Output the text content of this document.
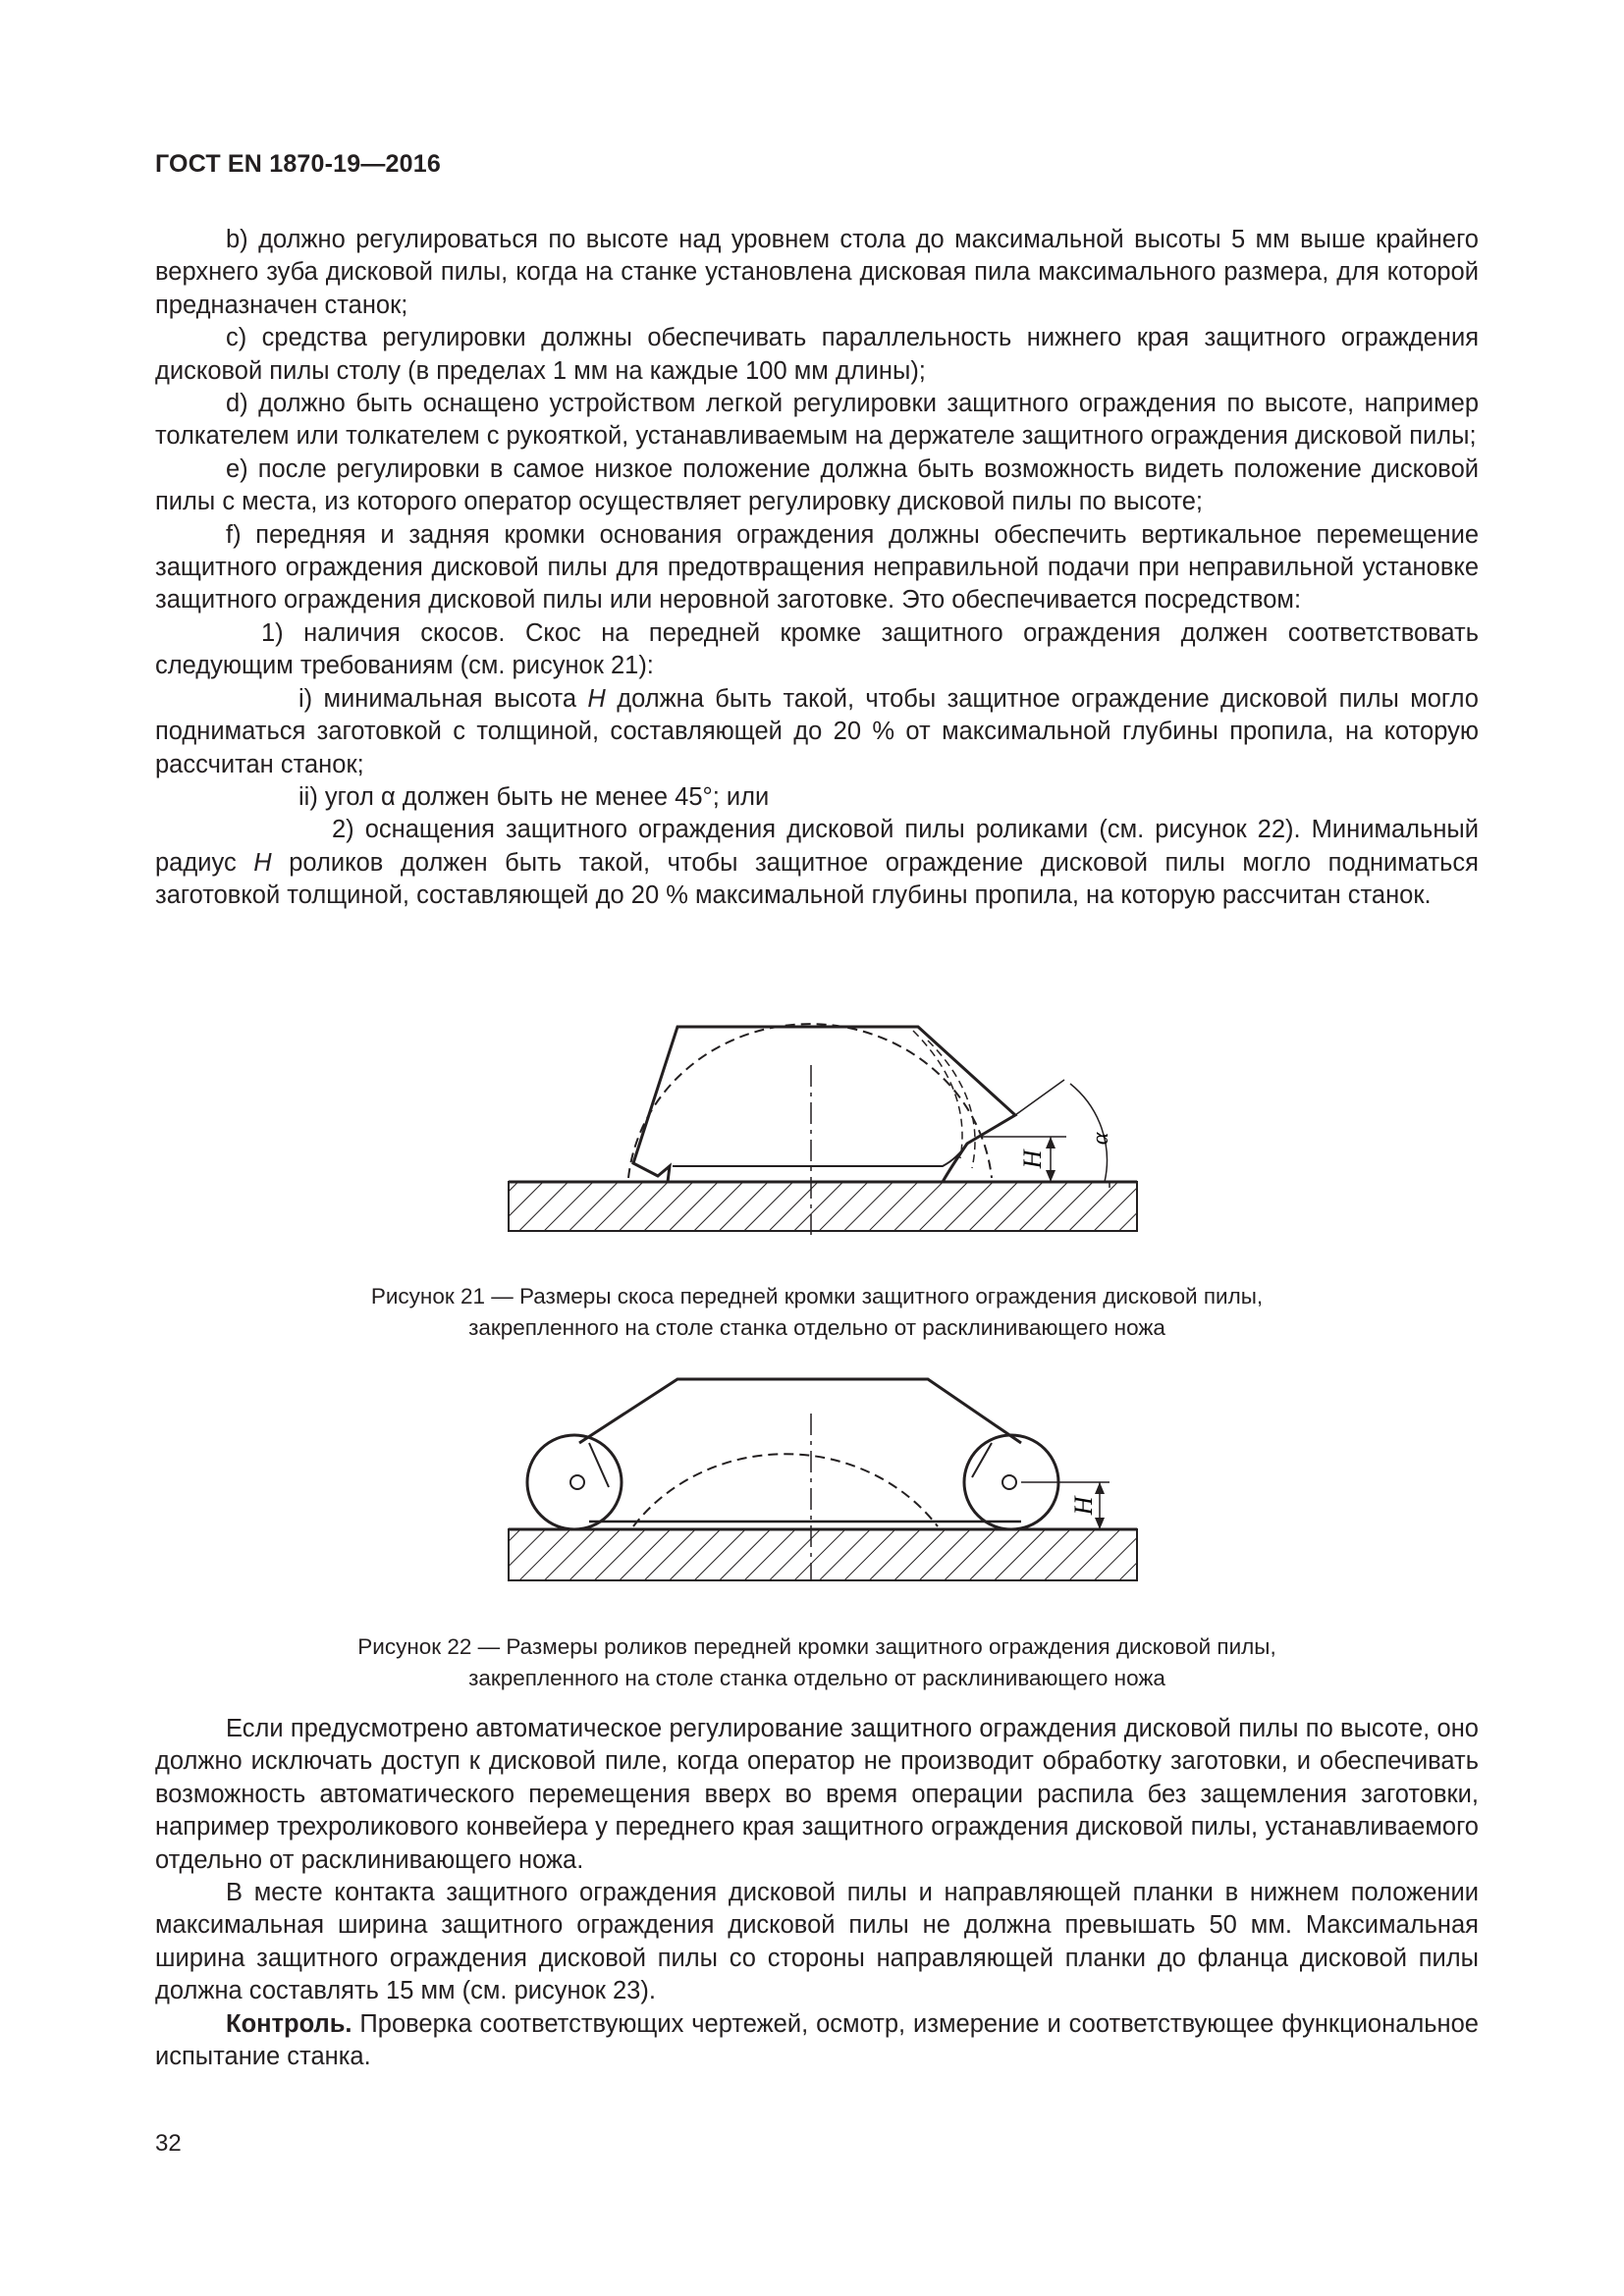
ГОСТ EN 1870-19—2016

b) должно регулироваться по высоте над уровнем стола до максимальной высоты 5 мм выше крайнего верхнего зуба дисковой пилы, когда на станке установлена дисковая пила максимального размера, для которой предназначен станок;

c) средства регулировки должны обеспечивать параллельность нижнего края защитного ограждения дисковой пилы столу (в пределах 1 мм на каждые 100 мм длины);

d) должно быть оснащено устройством легкой регулировки защитного ограждения по высоте, например толкателем или толкателем с рукояткой, устанавливаемым на держателе защитного ограждения дисковой пилы;

e) после регулировки в самое низкое положение должна быть возможность видеть положение дисковой пилы с места, из которого оператор осуществляет регулировку дисковой пилы по высоте;

f) передняя и задняя кромки основания ограждения должны обеспечить вертикальное перемещение защитного ограждения дисковой пилы для предотвращения неправильной подачи при неправильной установке защитного ограждения дисковой пилы или неровной заготовке. Это обеспечивается посредством:

1) наличия скосов. Скос на передней кромке защитного ограждения должен соответствовать следующим требованиям (см. рисунок 21):

i) минимальная высота H должна быть такой, чтобы защитное ограждение дисковой пилы могло подниматься заготовкой с толщиной, составляющей до 20 % от максимальной глубины пропила, на которую рассчитан станок;

ii) угол α должен быть не менее 45°; или

2) оснащения защитного ограждения дисковой пилы роликами (см. рисунок 22). Минимальный радиус H роликов должен быть такой, чтобы защитное ограждение дисковой пилы могло подниматься заготовкой толщиной, составляющей до 20 % максимальной глубины пропила, на которую рассчитан станок.

H
α
Рисунок 21 — Размеры скоса передней кромки защитного ограждения дисковой пилы,
закрепленного на столе станка отдельно от расклинивающего ножа
H
Рисунок 22 — Размеры роликов передней кромки защитного ограждения дисковой пилы,
закрепленного на столе станка отдельно от расклинивающего ножа

Если предусмотрено автоматическое регулирование защитного ограждения дисковой пилы по высоте, оно должно исключать доступ к дисковой пиле, когда оператор не производит обработку заготовки, и обеспечивать возможность автоматического перемещения вверх во время операции распила без защемления заготовки, например трехроликового конвейера у переднего края защитного ограждения дисковой пилы, устанавливаемого отдельно от расклинивающего ножа.

В месте контакта защитного ограждения дисковой пилы и направляющей планки в нижнем положении максимальная ширина защитного ограждения дисковой пилы не должна превышать 50 мм. Максимальная ширина защитного ограждения дисковой пилы со стороны направляющей планки до фланца дисковой пилы должна составлять 15 мм (см. рисунок 23).

Контроль. Проверка соответствующих чертежей, осмотр, измерение и соответствующее функциональное испытание станка.

32
